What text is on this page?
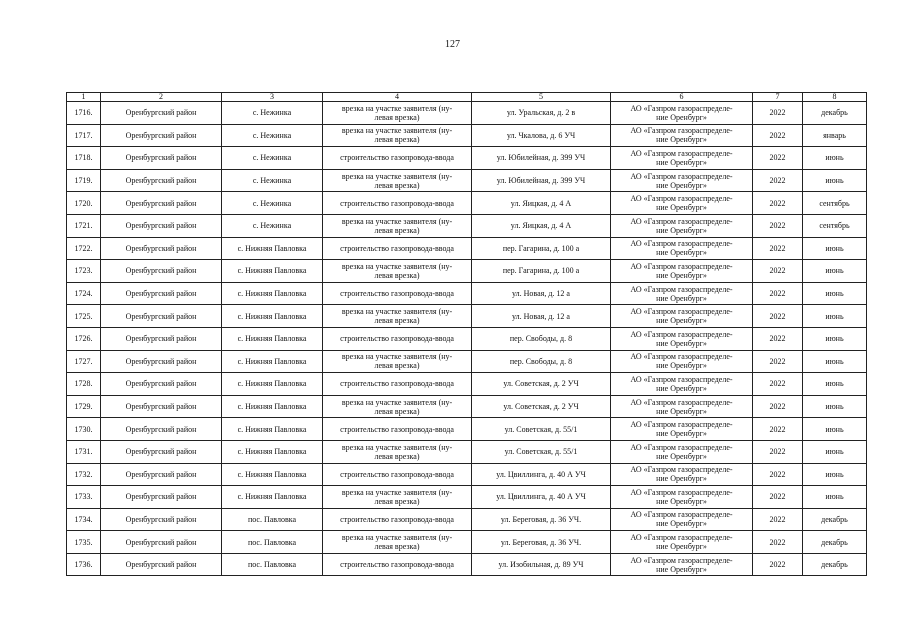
127
1	2	3	4	5	6	7	8
1716.	Оренбургский район	с. Нежинка	врезка на участке заявителя (ну-
левая врезка)	ул. Уральская, д. 2 в	АО «Газпром газораспределе-
ние Оренбург»	2022	декабрь
1717.	Оренбургский район	с. Нежинка	врезка на участке заявителя (ну-
левая врезка)	ул. Чкалова, д. 6 УЧ	АО «Газпром газораспределе-
ние Оренбург»	2022	январь
1718.	Оренбургский район	с. Нежинка	строительство газопровода-ввода	ул. Юбилейная, д. 399 УЧ	АО «Газпром газораспределе-
ние Оренбург»	2022	июнь
1719.	Оренбургский район	с. Нежинка	врезка на участке заявителя (ну-
левая врезка)	ул. Юбилейная, д. 399 УЧ	АО «Газпром газораспределе-
ние Оренбург»	2022	июнь
1720.	Оренбургский район	с. Нежинка	строительство газопровода-ввода	ул. Яицкая, д. 4 А	АО «Газпром газораспределе-
ние Оренбург»	2022	сентябрь
1721.	Оренбургский район	с. Нежинка	врезка на участке заявителя (ну-
левая врезка)	ул. Яицкая, д. 4 А	АО «Газпром газораспределе-
ние Оренбург»	2022	сентябрь
1722.	Оренбургский район	с. Нижняя Павловка	строительство газопровода-ввода	пер. Гагарина, д. 100 а	АО «Газпром газораспределе-
ние Оренбург»	2022	июнь
1723.	Оренбургский район	с. Нижняя Павловка	врезка на участке заявителя (ну-
левая врезка)	пер. Гагарина, д. 100 а	АО «Газпром газораспределе-
ние Оренбург»	2022	июнь
1724.	Оренбургский район	с. Нижняя Павловка	строительство газопровода-ввода	ул. Новая, д. 12 а	АО «Газпром газораспределе-
ние Оренбург»	2022	июнь
1725.	Оренбургский район	с. Нижняя Павловка	врезка на участке заявителя (ну-
левая врезка)	ул. Новая, д. 12 а	АО «Газпром газораспределе-
ние Оренбург»	2022	июнь
1726.	Оренбургский район	с. Нижняя Павловка	строительство газопровода-ввода	пер. Свободы, д. 8	АО «Газпром газораспределе-
ние Оренбург»	2022	июнь
1727.	Оренбургский район	с. Нижняя Павловка	врезка на участке заявителя (ну-
левая врезка)	пер. Свободы, д. 8	АО «Газпром газораспределе-
ние Оренбург»	2022	июнь
1728.	Оренбургский район	с. Нижняя Павловка	строительство газопровода-ввода	ул. Советская, д. 2 УЧ	АО «Газпром газораспределе-
ние Оренбург»	2022	июнь
1729.	Оренбургский район	с. Нижняя Павловка	врезка на участке заявителя (ну-
левая врезка)	ул. Советская, д. 2 УЧ	АО «Газпром газораспределе-
ние Оренбург»	2022	июнь
1730.	Оренбургский район	с. Нижняя Павловка	строительство газопровода-ввода	ул. Советская, д. 55/1	АО «Газпром газораспределе-
ние Оренбург»	2022	июнь
1731.	Оренбургский район	с. Нижняя Павловка	врезка на участке заявителя (ну-
левая врезка)	ул. Советская, д. 55/1	АО «Газпром газораспределе-
ние Оренбург»	2022	июнь
1732.	Оренбургский район	с. Нижняя Павловка	строительство газопровода-ввода	ул. Цвиллинга, д. 40 А УЧ	АО «Газпром газораспределе-
ние Оренбург»	2022	июнь
1733.	Оренбургский район	с. Нижняя Павловка	врезка на участке заявителя (ну-
левая врезка)	ул. Цвиллинга, д. 40 А УЧ	АО «Газпром газораспределе-
ние Оренбург»	2022	июнь
1734.	Оренбургский район	пос. Павловка	строительство газопровода-ввода	ул. Береговая, д. 36 УЧ.	АО «Газпром газораспределе-
ние Оренбург»	2022	декабрь
1735.	Оренбургский район	пос. Павловка	врезка на участке заявителя (ну-
левая врезка)	ул. Береговая, д. 36 УЧ.	АО «Газпром газораспределе-
ние Оренбург»	2022	декабрь
1736.	Оренбургский район	пос. Павловка	строительство газопровода-ввода	ул. Изобильная, д. 89 УЧ	АО «Газпром газораспределе-
ние Оренбург»	2022	декабрь
